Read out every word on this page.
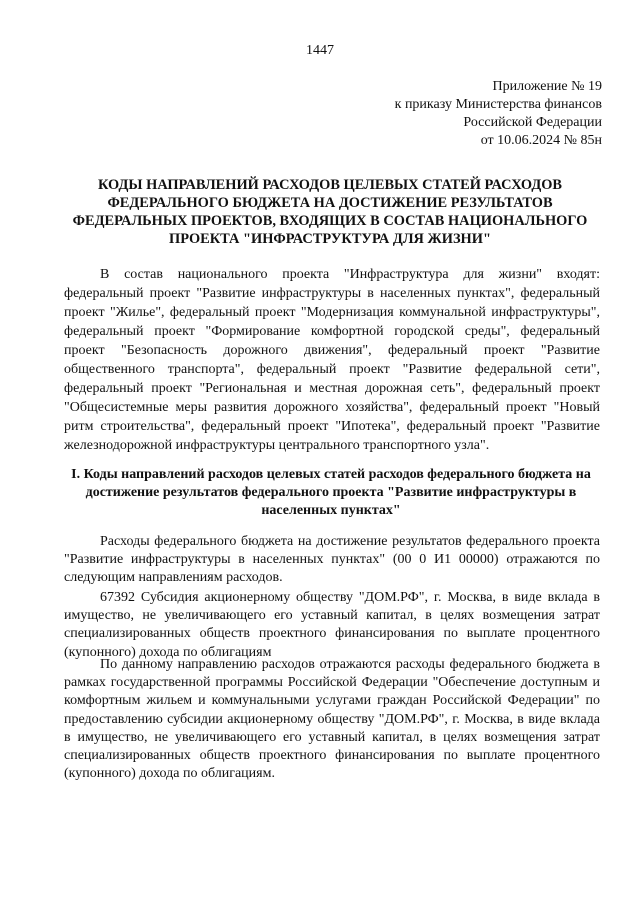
1447
Приложение № 19
к приказу Министерства финансов
Российской Федерации
от 10.06.2024 № 85н
КОДЫ НАПРАВЛЕНИЙ РАСХОДОВ ЦЕЛЕВЫХ СТАТЕЙ РАСХОДОВ ФЕДЕРАЛЬНОГО БЮДЖЕТА НА ДОСТИЖЕНИЕ РЕЗУЛЬТАТОВ ФЕДЕРАЛЬНЫХ ПРОЕКТОВ, ВХОДЯЩИХ В СОСТАВ НАЦИОНАЛЬНОГО ПРОЕКТА "ИНФРАСТРУКТУРА ДЛЯ ЖИЗНИ"
В состав национального проекта "Инфраструктура для жизни" входят: федеральный проект "Развитие инфраструктуры в населенных пунктах", федеральный проект "Жилье", федеральный проект "Модернизация коммунальной инфраструктуры", федеральный проект "Формирование комфортной городской среды", федеральный проект "Безопасность дорожного движения", федеральный проект "Развитие общественного транспорта", федеральный проект "Развитие федеральной сети", федеральный проект "Региональная и местная дорожная сеть", федеральный проект "Общесистемные меры развития дорожного хозяйства", федеральный проект "Новый ритм строительства", федеральный проект "Ипотека", федеральный проект "Развитие железнодорожной инфраструктуры центрального транспортного узла".
I. Коды направлений расходов целевых статей расходов федерального бюджета на достижение результатов федерального проекта "Развитие инфраструктуры в населенных пунктах"
Расходы федерального бюджета на достижение результатов федерального проекта "Развитие инфраструктуры в населенных пунктах" (00 0 И1 00000) отражаются по следующим направлениям расходов.
67392 Субсидия акционерному обществу "ДОМ.РФ", г. Москва, в виде вклада в имущество, не увеличивающего его уставный капитал, в целях возмещения затрат специализированных обществ проектного финансирования по выплате процентного (купонного) дохода по облигациям
По данному направлению расходов отражаются расходы федерального бюджета в рамках государственной программы Российской Федерации "Обеспечение доступным и комфортным жильем и коммунальными услугами граждан Российской Федерации" по предоставлению субсидии акционерному обществу "ДОМ.РФ", г. Москва, в виде вклада в имущество, не увеличивающего его уставный капитал, в целях возмещения затрат специализированных обществ проектного финансирования по выплате процентного (купонного) дохода по облигациям.
